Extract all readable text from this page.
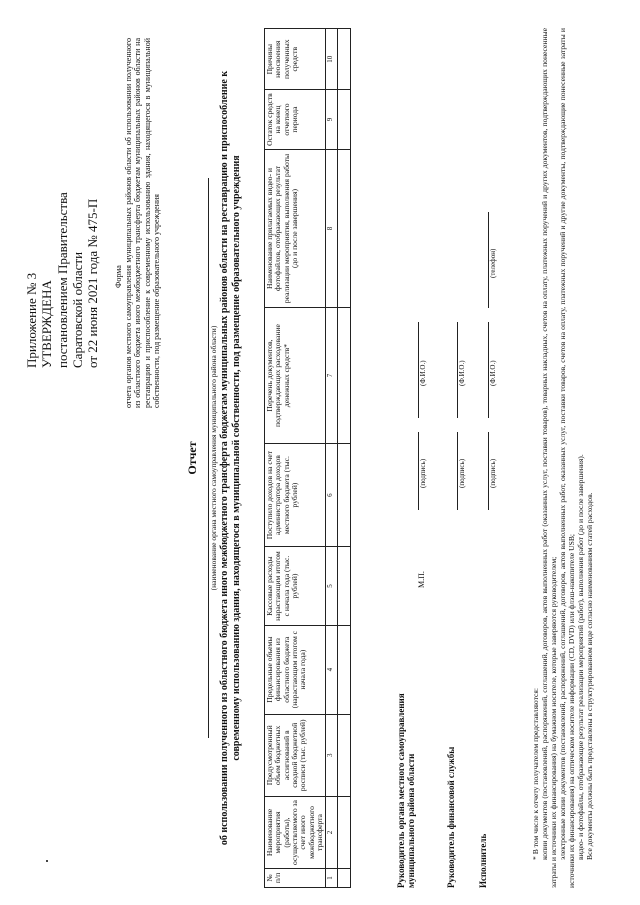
Приложение № 3 УТВЕРЖДЕНА постановлением Правительства Саратовской области от 22 июня 2021 года № 475-П Форма отчета органов местного самоуправления муниципальных районов области об использовании полученного из областного бюджета иного межбюджетного трансферта бюджетам муниципальных районов области на реставрацию и приспособление к современному использованию здания, находящегося в муниципальной собственности, под размещение образовательного учреждения
Отчет (наименование органа местного самоуправления муниципального района области) об использовании полученного из областного бюджета иного межбюджетного трансферта бюджетам муниципальных районов области на реставрацию и приспособление к современному использованию здания, находящегося в муниципальной собственности, под размещение образовательного учреждения
№ п/п	Наименование мероприятия (работы), осуществляемого за счет иного межбюджетного трансферта	Предусмотренный объем бюджетных ассигнований в сводной бюджетной росписи (тыс. рублей)	Предельные объемы финансирования из областного бюджета (нарастающим итогом с начала года)	Кассовые расходы нарастающим итогом с начала года (тыс. рублей)	Поступило доходов на счет администратора доходов местного бюджета (тыс. рублей)	Перечень документов, подтверждающих расходование денежных средств*	Наименование прилагаемых видео- и фотофайлов, отображающих результат реализации мероприятия, выполнения работы (до и после завершения)	Остаток средств на конец отчетного периода	Причины неосвоения полученных средств
1	2	3	4	5	6	7	8	9	10

Руководитель органа местного самоуправления муниципального района области
М.П.
(подпись)
(Ф.И.О.)
Руководитель финансовой службы
(подпись)
(Ф.И.О.)
Исполнитель
(подпись)
(Ф.И.О.)
(телефон)

* В том числе к отчету получателем представляются: копии документов (постановлений, распоряжений, соглашений, договоров, актов выполненных работ (оказанных услуг, поставки товаров), товарных накладных, счетов на оплату, платежных поручений и других документов, подтверждающих понесенные затраты и источники их финансирования) на бумажном носителе, которые заверяются руководителем; электронные копии документов (постановлений, распоряжений, соглашений, договоров, актов выполненных работ, оказанных услуг, поставки товаров, счетов на оплату, платежных поручений и другие документы, подтверждающие понесенные затраты и источники их финансирования) на оптическом носителе информации (CD, DVD) или флэш-накопителе USB; видео- и фотофайлы, отображающие результат реализации мероприятий (работ), выполнения работ (до и после завершения). Все документы должны быть представлены в структурированном виде согласно наименованиям статей расходов.
